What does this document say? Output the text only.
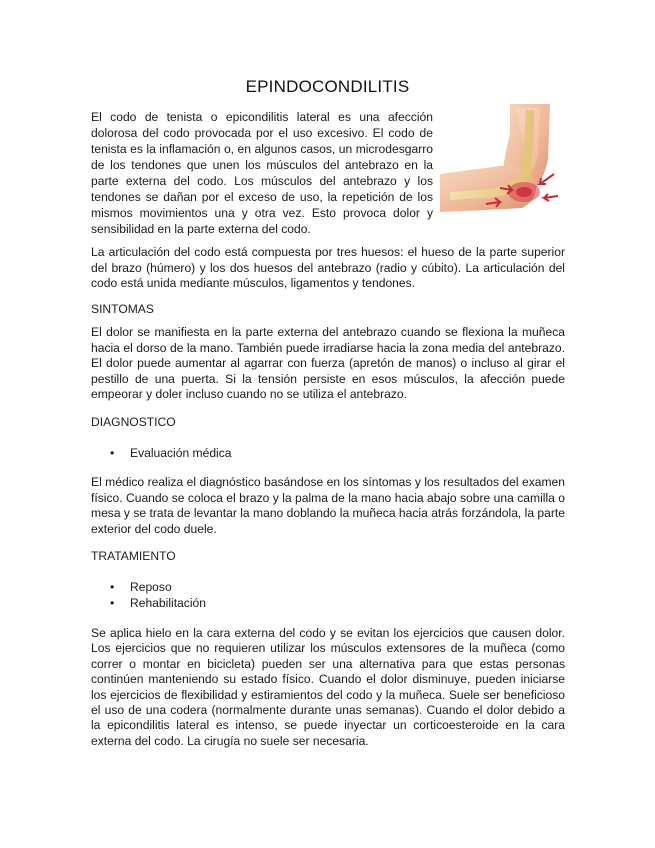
EPINDOCONDILITIS

El codo de tenista o epicondilitis lateral es una afección dolorosa del codo provocada por el uso excesivo. El codo de tenista es la inflamación o, en algunos casos, un microdesgarro de los tendones que unen los músculos del antebrazo en la parte externa del codo. Los músculos del antebrazo y los tendones se dañan por el exceso de uso, la repetición de los mismos movimientos una y otra vez. Esto provoca dolor y sensibilidad en la parte externa del codo.

La articulación del codo está compuesta por tres huesos: el hueso de la parte superior del brazo (húmero) y los dos huesos del antebrazo (radio y cúbito). La articulación del codo está unida mediante músculos, ligamentos y tendones.

SINTOMAS

El dolor se manifiesta en la parte externa del antebrazo cuando se flexiona la muñeca hacia el dorso de la mano. También puede irradiarse hacia la zona media del antebrazo. El dolor puede aumentar al agarrar con fuerza (apretón de manos) o incluso al girar el pestillo de una puerta. Si la tensión persiste en esos músculos, la afección puede empeorar y doler incluso cuando no se utiliza el antebrazo.

DIAGNOSTICO
• Evaluación médica

El médico realiza el diagnóstico basándose en los síntomas y los resultados del examen físico. Cuando se coloca el brazo y la palma de la mano hacia abajo sobre una camilla o mesa y se trata de levantar la mano doblando la muñeca hacia atrás forzándola, la parte exterior del codo duele.

TRATAMIENTO
• Reposo
• Rehabilitación

Se aplica hielo en la cara externa del codo y se evitan los ejercicios que causen dolor. Los ejercicios que no requieren utilizar los músculos extensores de la muñeca (como correr o montar en bicicleta) pueden ser una alternativa para que estas personas continúen manteniendo su estado físico. Cuando el dolor disminuye, pueden iniciarse los ejercicios de flexibilidad y estiramientos del codo y la muñeca. Suele ser beneficioso el uso de una codera (normalmente durante unas semanas). Cuando el dolor debido a la epicondilitis lateral es intenso, se puede inyectar un corticoesteroide en la cara externa del codo. La cirugía no suele ser necesaria.
